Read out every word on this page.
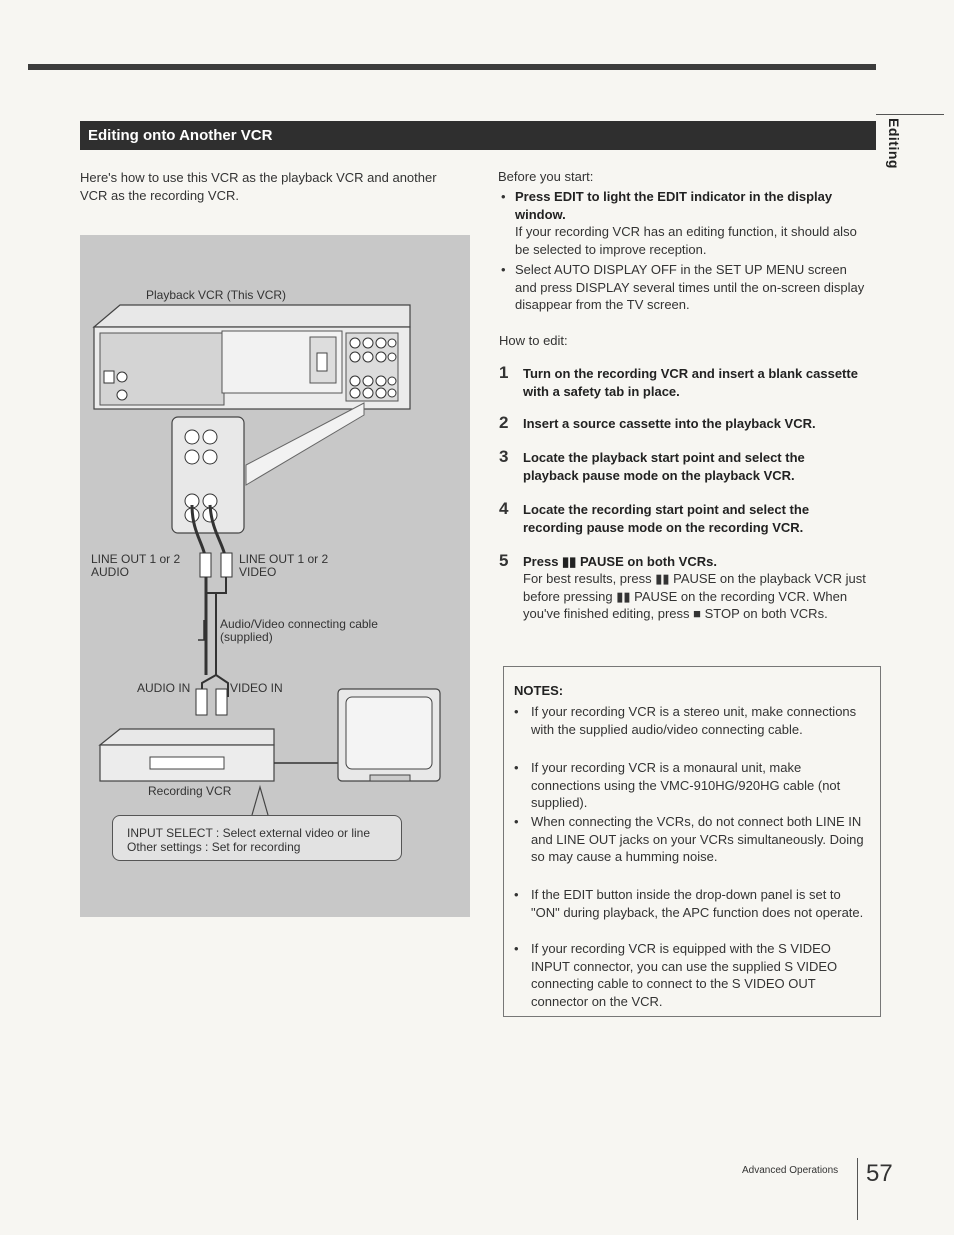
Editing
Editing onto Another VCR
Here's how to use this VCR as the playback VCR and another VCR as the recording VCR.
Playback VCR (This VCR)
LINE OUT 1 or 2
AUDIO
LINE OUT 1 or 2
VIDEO
Audio/Video connecting cable
(supplied)
AUDIO IN	VIDEO IN
Recording VCR
INPUT SELECT : Select external video or line
Other settings : Set for recording
Before you start:
• Press EDIT to light the EDIT indicator in the display window.
If your recording VCR has an editing function, it should also be selected to improve reception.
• Select AUTO DISPLAY OFF in the SET UP MENU screen and press DISPLAY several times until the on-screen display disappear from the TV screen.
How to edit:
1 Turn on the recording VCR and insert a blank cassette with a safety tab in place.
2 Insert a source cassette into the playback VCR.
3 Locate the playback start point and select the playback pause mode on the playback VCR.
4 Locate the recording start point and select the recording pause mode on the recording VCR.
5 Press ▮▮ PAUSE on both VCRs.
For best results, press ▮▮ PAUSE on the playback VCR just before pressing ▮▮ PAUSE on the recording VCR. When you've finished editing, press ■ STOP on both VCRs.
NOTES:
• If your recording VCR is a stereo unit, make connections with the supplied audio/video connecting cable.
• If your recording VCR is a monaural unit, make connections using the VMC-910HG/920HG cable (not supplied).
• When connecting the VCRs, do not connect both LINE IN and LINE OUT jacks on your VCRs simultaneously. Doing so may cause a humming noise.
• If the EDIT button inside the drop-down panel is set to "ON" during playback, the APC function does not operate.
• If your recording VCR is equipped with the S VIDEO INPUT connector, you can use the supplied S VIDEO connecting cable to connect to the S VIDEO OUT connector on the VCR.
Advanced Operations 57
